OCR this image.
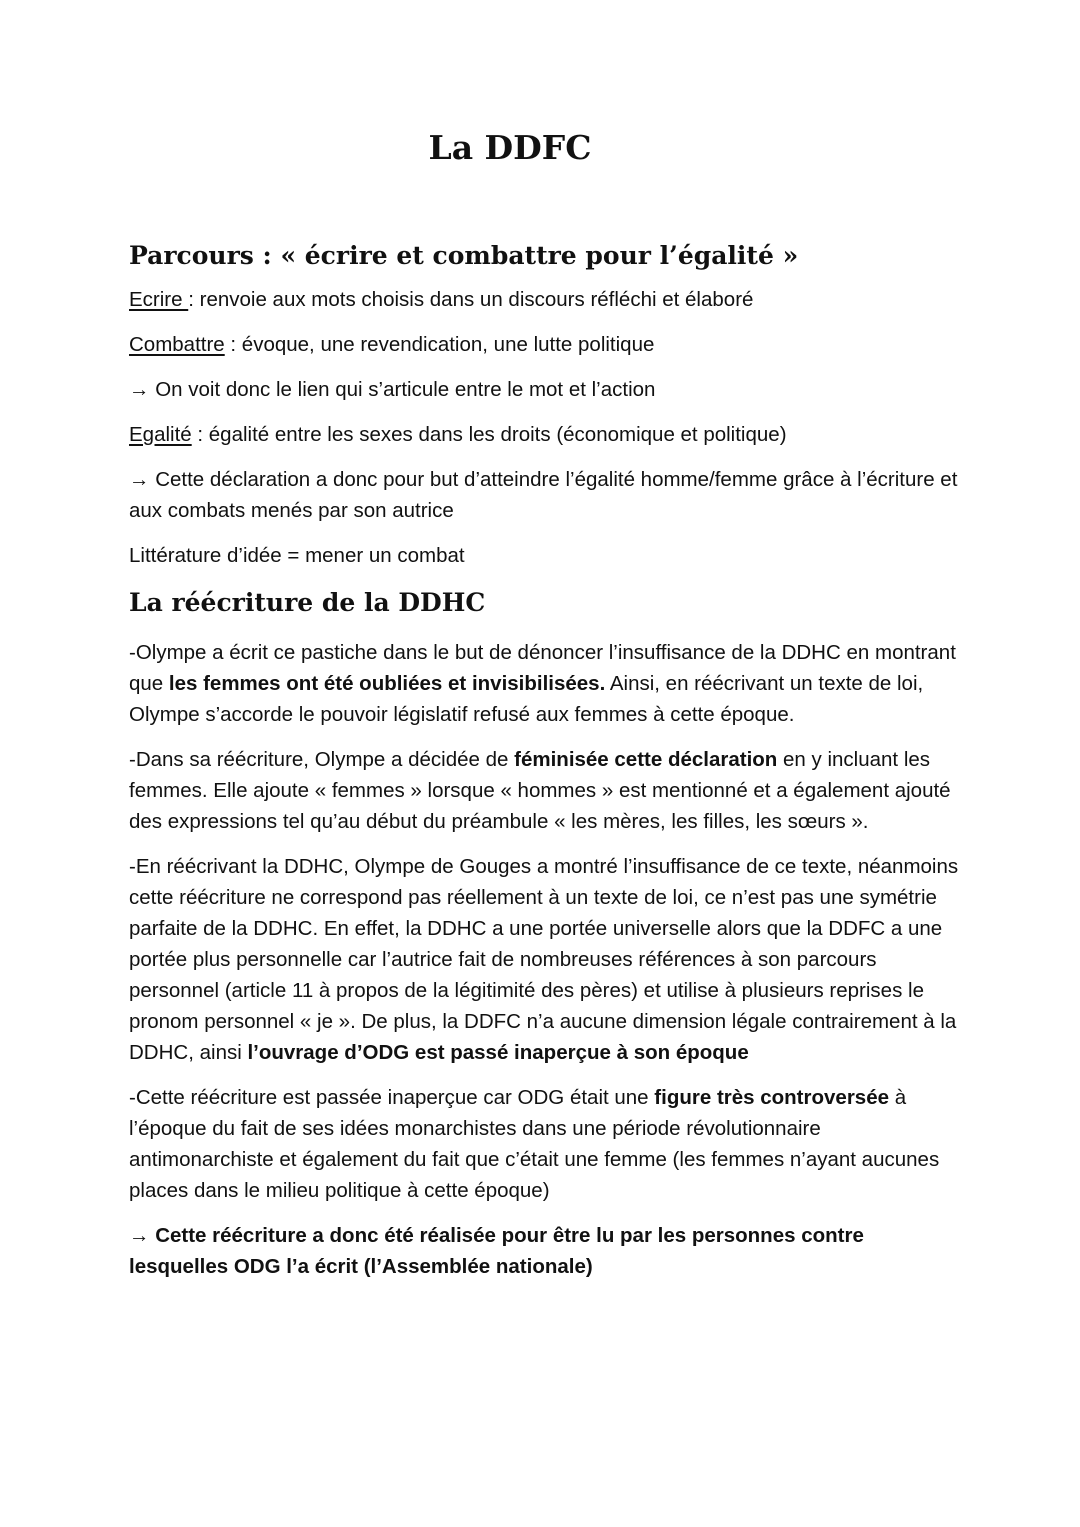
La DDFC
Parcours : « écrire et combattre pour l’égalité »

Ecrire : renvoie aux mots choisis dans un discours réfléchi et élaboré

Combattre : évoque, une revendication, une lutte politique

→ On voit donc le lien qui s’articule entre le mot et l’action

Egalité : égalité entre les sexes dans les droits (économique et politique)

→ Cette déclaration a donc pour but d’atteindre l’égalité homme/femme grâce à l’écriture et aux combats menés par son autrice

Littérature d’idée = mener un combat

La réécriture de la DDHC

-Olympe a écrit ce pastiche dans le but de dénoncer l’insuffisance de la DDHC en montrant que les femmes ont été oubliées et invisibilisées. Ainsi, en réécrivant un texte de loi, Olympe s’accorde le pouvoir législatif refusé aux femmes à cette époque.

-Dans sa réécriture, Olympe a décidée de féminisée cette déclaration en y incluant les femmes. Elle ajoute « femmes » lorsque « hommes » est mentionné et a également ajouté des expressions tel qu’au début du préambule « les mères, les filles, les sœurs ».

-En réécrivant la DDHC, Olympe de Gouges a montré l’insuffisance de ce texte, néanmoins cette réécriture ne correspond pas réellement à un texte de loi, ce n’est pas une symétrie parfaite de la DDHC. En effet, la DDHC a une portée universelle alors que la DDFC a une portée plus personnelle car l’autrice fait de nombreuses références à son parcours personnel (article 11 à propos de la légitimité des pères) et utilise à plusieurs reprises le pronom personnel « je ». De plus, la DDFC n’a aucune dimension légale contrairement à la DDHC, ainsi l’ouvrage d’ODG est passé inaperçue à son époque

-Cette réécriture est passée inaperçue car ODG était une figure très controversée à l’époque du fait de ses idées monarchistes dans une période révolutionnaire antimonarchiste et également du fait que c’était une femme (les femmes n’ayant aucunes places dans le milieu politique à cette époque)

→ Cette réécriture a donc été réalisée pour être lu par les personnes contre lesquelles ODG l’a écrit (l’Assemblée nationale)
